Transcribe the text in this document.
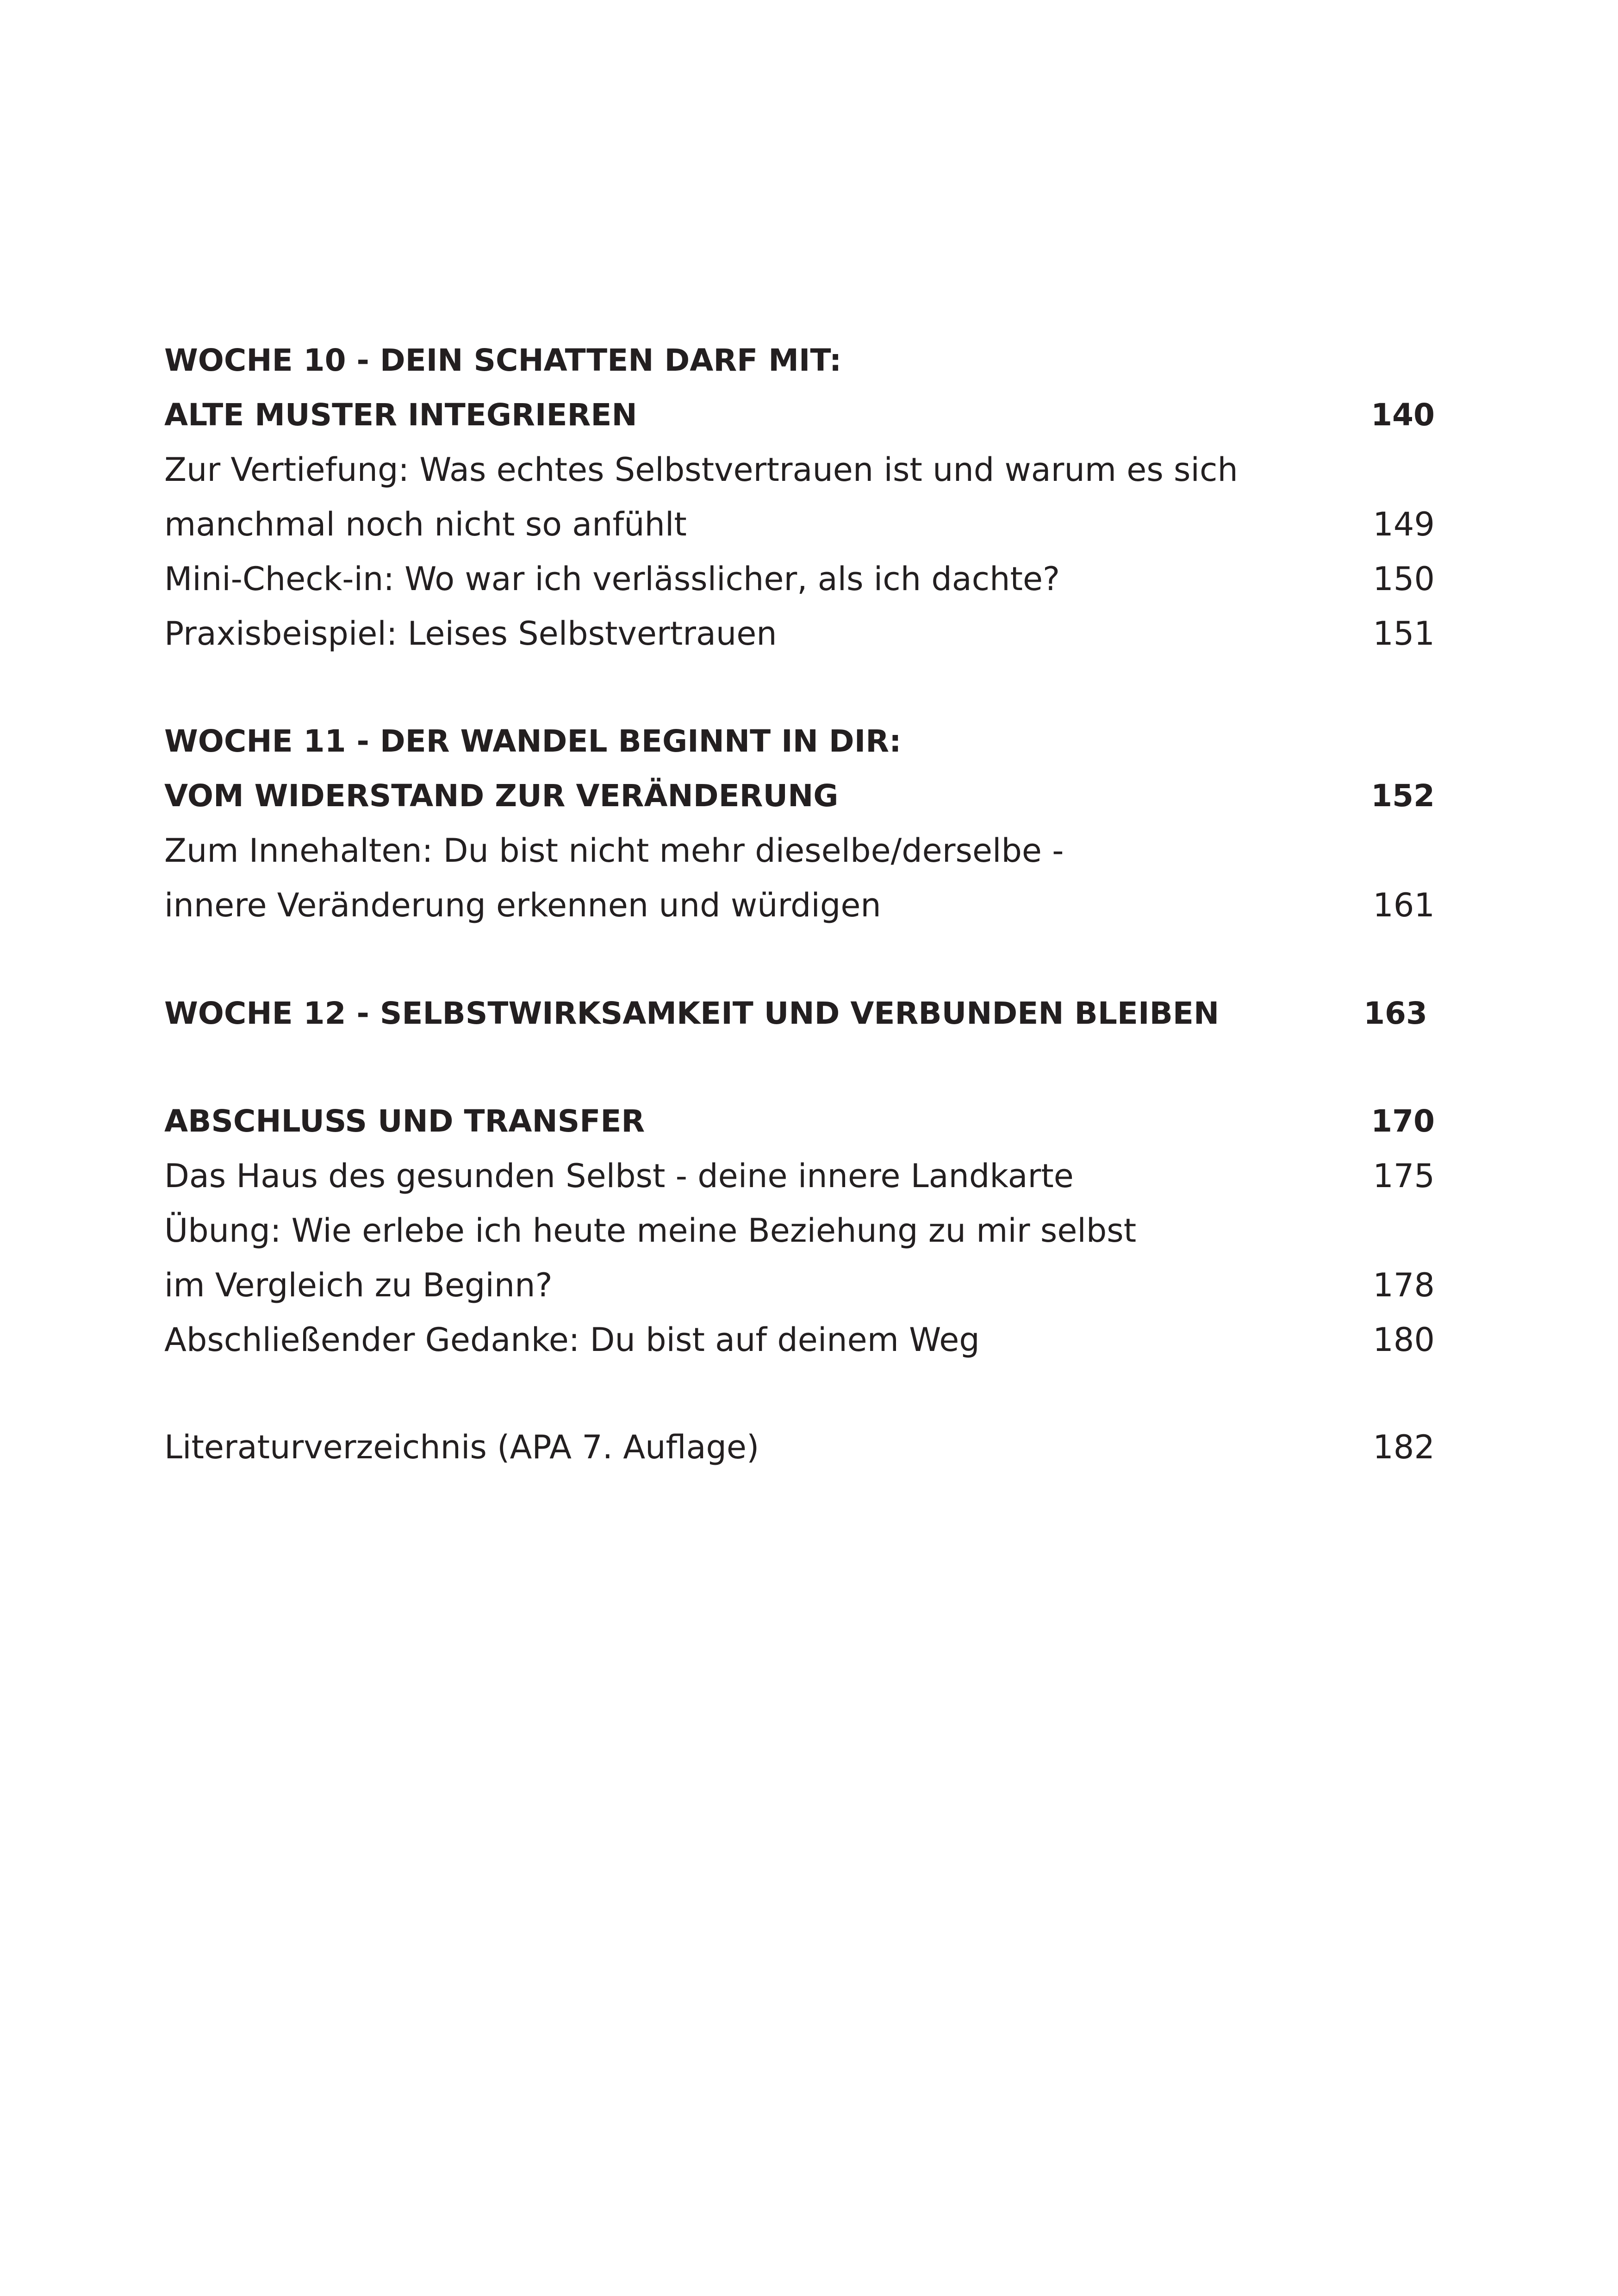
WOCHE 10 - DEIN SCHATTEN DARF MIT:
ALTE MUSTER INTEGRIEREN	140
Zur Vertiefung: Was echtes Selbstvertrauen ist und warum es sich
manchmal noch nicht so anfühlt	149
Mini-Check-in: Wo war ich verlässlicher, als ich dachte?	150
Praxisbeispiel: Leises Selbstvertrauen	151
WOCHE 11 - DER WANDEL BEGINNT IN DIR:
VOM WIDERSTAND ZUR VERÄNDERUNG	152
Zum Innehalten: Du bist nicht mehr dieselbe/derselbe -
innere Veränderung erkennen und würdigen	161
WOCHE 12 - SELBSTWIRKSAMKEIT UND VERBUNDEN BLEIBEN	163
ABSCHLUSS UND TRANSFER	170
Das Haus des gesunden Selbst - deine innere Landkarte	175
Übung: Wie erlebe ich heute meine Beziehung zu mir selbst
im Vergleich zu Beginn?	178
Abschließender Gedanke: Du bist auf deinem Weg	180
Literaturverzeichnis (APA 7. Auflage)	182
